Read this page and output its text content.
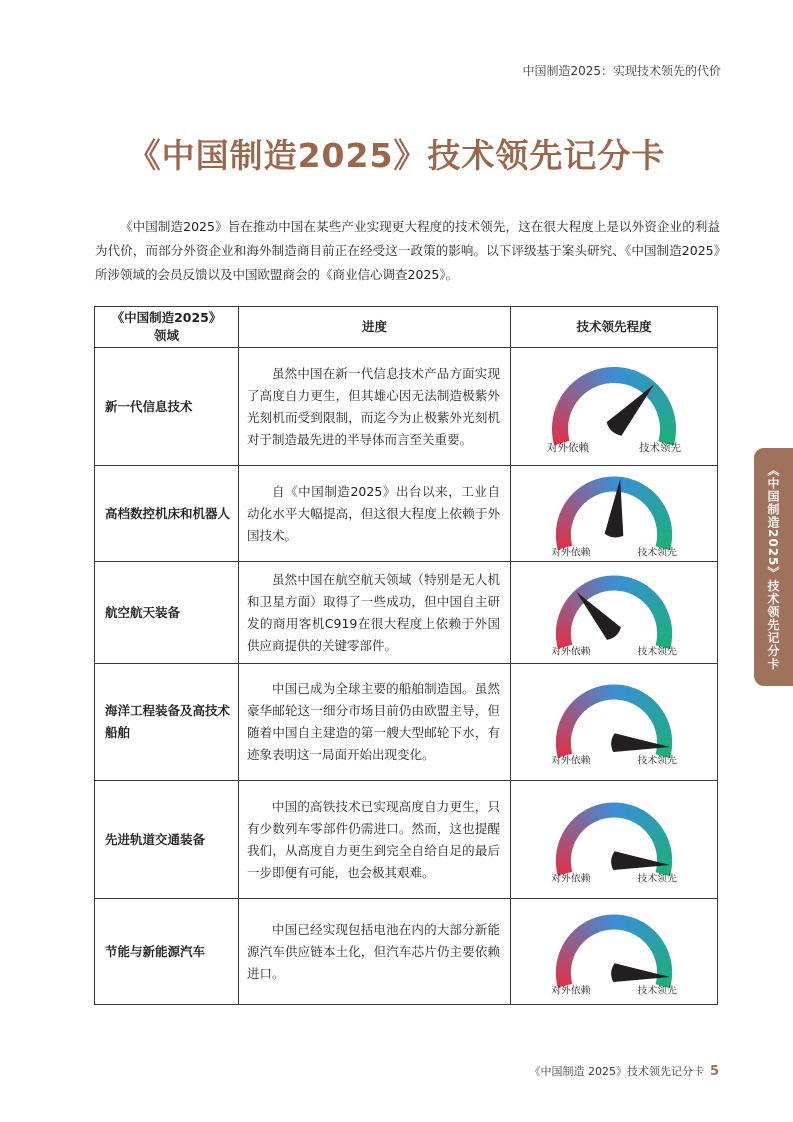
中国制造2025：实现技术领先的代价
《中国制造2025》技术领先记分卡

《中国制造2025》旨在推动中国在某些产业实现更大程度的技术领先，这在很大程度上是以外资企业的利益为代价，而部分外资企业和海外制造商目前正在经受这一政策的影响。以下评级基于案头研究、《中国制造2025》所涉领域的会员反馈以及中国欧盟商会的《商业信心调查2025》。

《中国制造2025》
领域	进度	技术领先程度
新一代信息技术	虽然中国在新一代信息技术产品方面实现了高度自力更生，但其雄心因无法制造极紫外光刻机而受到限制，而迄今为止极紫外光刻机对于制造最先进的半导体而言至关重要。	对外依赖 技术领先

高档数控机床和机器人	自《中国制造2025》出台以来，工业自动化水平大幅提高，但这很大程度上依赖于外国技术。	对外依赖 技术领先

航空航天装备	虽然中国在航空航天领域（特别是无人机和卫星方面）取得了一些成功，但中国自主研发的商用客机C919在很大程度上依赖于外国供应商提供的关键零部件。	对外依赖 技术领先

海洋工程装备及高技术船舶	中国已成为全球主要的船舶制造国。虽然豪华邮轮这一细分市场目前仍由欧盟主导，但随着中国自主建造的第一艘大型邮轮下水，有迹象表明这一局面开始出现变化。	对外依赖 技术领先

先进轨道交通装备	中国的高铁技术已实现高度自力更生，只有少数列车零部件仍需进口。然而，这也提醒我们，从高度自力更生到完全自给自足的最后一步即便有可能，也会极其艰难。	对外依赖 技术领先

节能与新能源汽车	中国已经实现包括电池在内的大部分新能源汽车供应链本土化，但汽车芯片仍主要依赖进口。	对外依赖 技术领先
《中国制造2025》技术领先记分卡
《中国制造 2025》技术领先记分卡 5
